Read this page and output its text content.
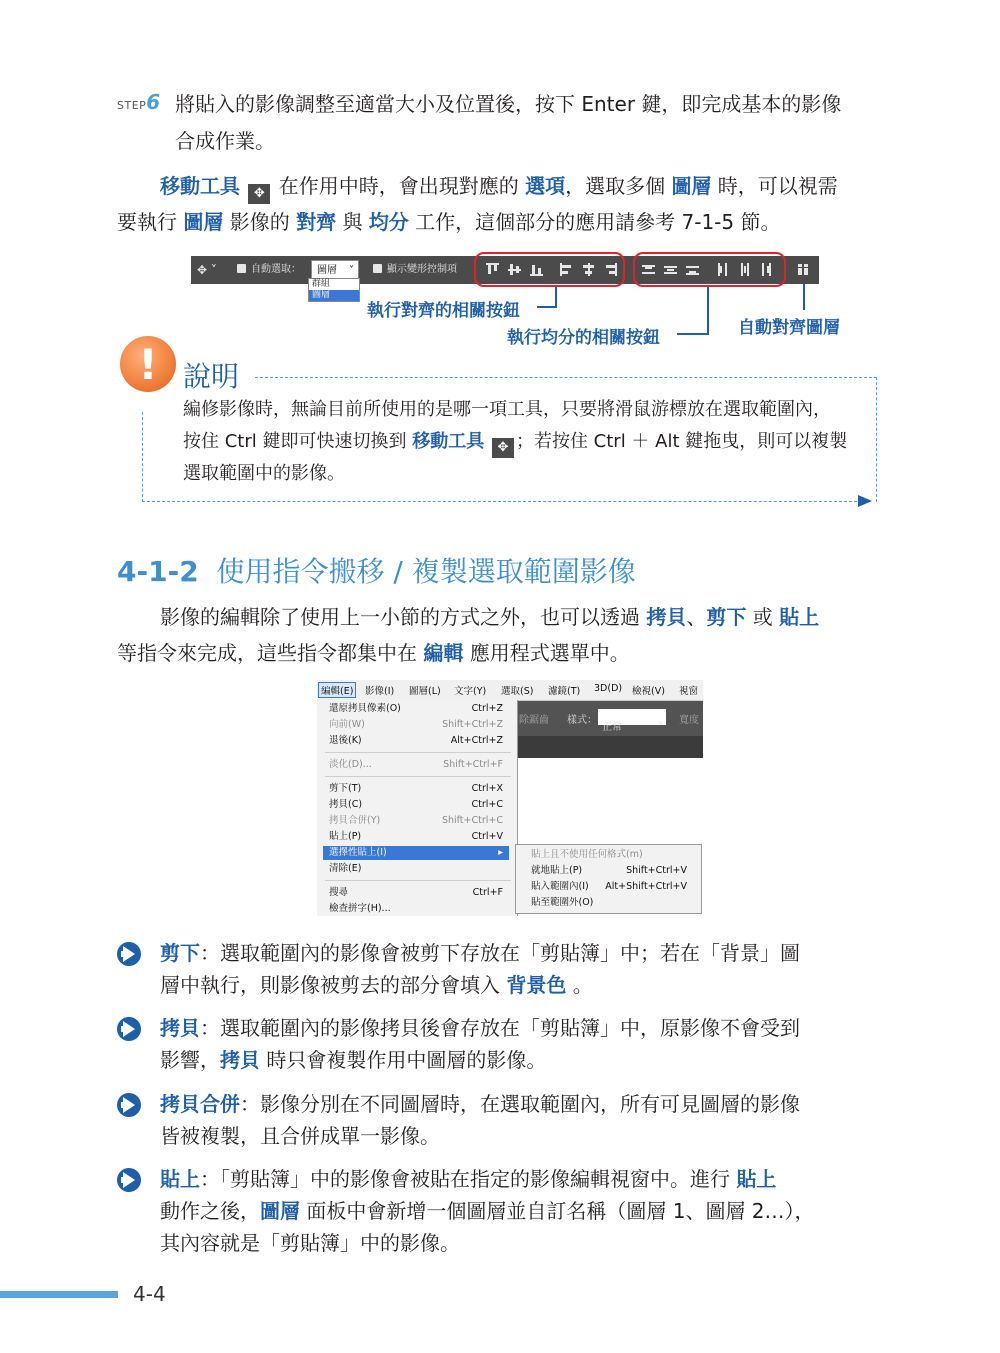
STEP6 將貼入的影像調整至適當大小及位置後，按下 Enter 鍵，即完成基本的影像
合成作業。
移動工具 ✥ 在作用中時，會出現對應的 選項，選取多個 圖層 時，可以視需
要執行 圖層 影像的 對齊 與 均分 工作，這個部分的應用請參考 7-1-5 節。
✥ ˅	自動選取：	圖層 ˅	顯示變形控制項
群組
圖層
執行對齊的相關按鈕
執行均分的相關按鈕	自動對齊圖層
! 說明
編修影像時，無論目前所使用的是哪一項工具，只要將滑鼠游標放在選取範圍內，
按住 Ctrl 鍵即可快速切換到 移動工具 ✥ ；若按住 Ctrl ＋ Alt 鍵拖曳，則可以複製
選取範圍中的影像。
4-1-2 使用指令搬移 / 複製選取範圍影像
影像的編輯除了使用上一小節的方式之外，也可以透過 拷貝、剪下 或 貼上
等指令來完成，這些指令都集中在 編輯 應用程式選單中。
除鋸齒 樣式：
正常	˅
寬度
編輯(E)	影像(I) 圖層(L) 文字(Y) 選取(S) 濾鏡(T) 3D(D) 檢視(V) 視窗
還原拷貝像素(O)	Ctrl+Z
向前(W)	Shift+Ctrl+Z
退後(K)	Alt+Ctrl+Z
淡化(D)...	Shift+Ctrl+F
剪下(T)	Ctrl+X
拷貝(C)	Ctrl+C
拷貝合併(Y)	Shift+Ctrl+C
貼上(P)	Ctrl+V
選擇性貼上(I)	▸
清除(E)
搜尋	Ctrl+F
檢查拼字(H)...
貼上且不使用任何格式(m)
就地貼上(P)	Shift+Ctrl+V
貼入範圍內(I) Alt+Shift+Ctrl+V
貼至範圍外(O)
剪下：選取範圍內的影像會被剪下存放在「剪貼簿」中；若在「背景」圖
層中執行，則影像被剪去的部分會填入 背景色 。
拷貝：選取範圍內的影像拷貝後會存放在「剪貼簿」中，原影像不會受到
影響，拷貝 時只會複製作用中圖層的影像。
拷貝合併：影像分別在不同圖層時，在選取範圍內，所有可見圖層的影像
皆被複製，且合併成單一影像。
貼上：「剪貼簿」中的影像會被貼在指定的影像編輯視窗中。進行 貼上
動作之後，圖層 面板中會新增一個圖層並自訂名稱（圖層 1、圖層 2…），
其內容就是「剪貼簿」中的影像。
4-4
